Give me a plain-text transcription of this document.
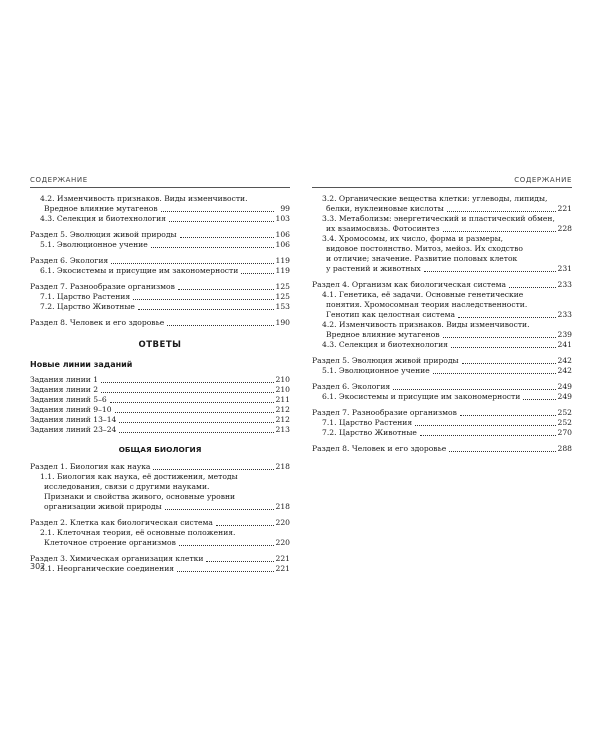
СОДЕРЖАНИЕ
4.2. Изменчивость признаков. Виды изменчивости.
Вредное влияние мутагенов	99
4.3. Селекция и биотехнология	103
Раздел 5. Эволюция живой природы	106
5.1. Эволюционное учение	106
Раздел 6. Экология	119
6.1. Экосистемы и присущие им закономерности	119
Раздел 7. Разнообразие организмов	125
7.1. Царство Растения	125
7.2. Царство Животные	153
Раздел 8. Человек и его здоровье	190
ОТВЕТЫ
Новые линии заданий
Задания линии 1	210
Задания линии 2	210
Задания линий 5–6	211
Задания линий 9–10	212
Задания линий 13–14	212
Задания линий 23–24	213
ОБЩАЯ БИОЛОГИЯ
Раздел 1. Биология как наука	218
1.1. Биология как наука, её достижения, методы
исследования, связи с другими науками.
Признаки и свойства живого, основные уровни
организации живой природы	218
Раздел 2. Клетка как биологическая система	220
2.1. Клеточная теория, её основные положения.
Клеточное строение организмов	220
Раздел 3. Химическая организация клетки	221
3.1. Неорганические соединения	221
СОДЕРЖАНИЕ
3.2. Органические вещества клетки: углеводы, липиды,
белки, нуклеиновые кислоты	221
3.3. Метаболизм: энергетический и пластический обмен,
их взаимосвязь. Фотосинтез	228
3.4. Хромосомы, их число, форма и размеры,
видовое постоянство. Митоз, мейоз. Их сходство
и отличие; значение. Развитие половых клеток
у растений и животных	231
Раздел 4. Организм как биологическая система	233
4.1. Генетика, её задачи. Основные генетические
понятия. Хромосомная теория наследственности.
Генотип как целостная система	233
4.2. Изменчивость признаков. Виды изменчивости.
Вредное влияние мутагенов	239
4.3. Селекция и биотехнология	241
Раздел 5. Эволюция живой природы	242
5.1. Эволюционное учение	242
Раздел 6. Экология	249
6.1. Экосистемы и присущие им закономерности	249
Раздел 7. Разнообразие организмов	252
7.1. Царство Растения	252
7.2. Царство Животные	270
Раздел 8. Человек и его здоровье	288
302
